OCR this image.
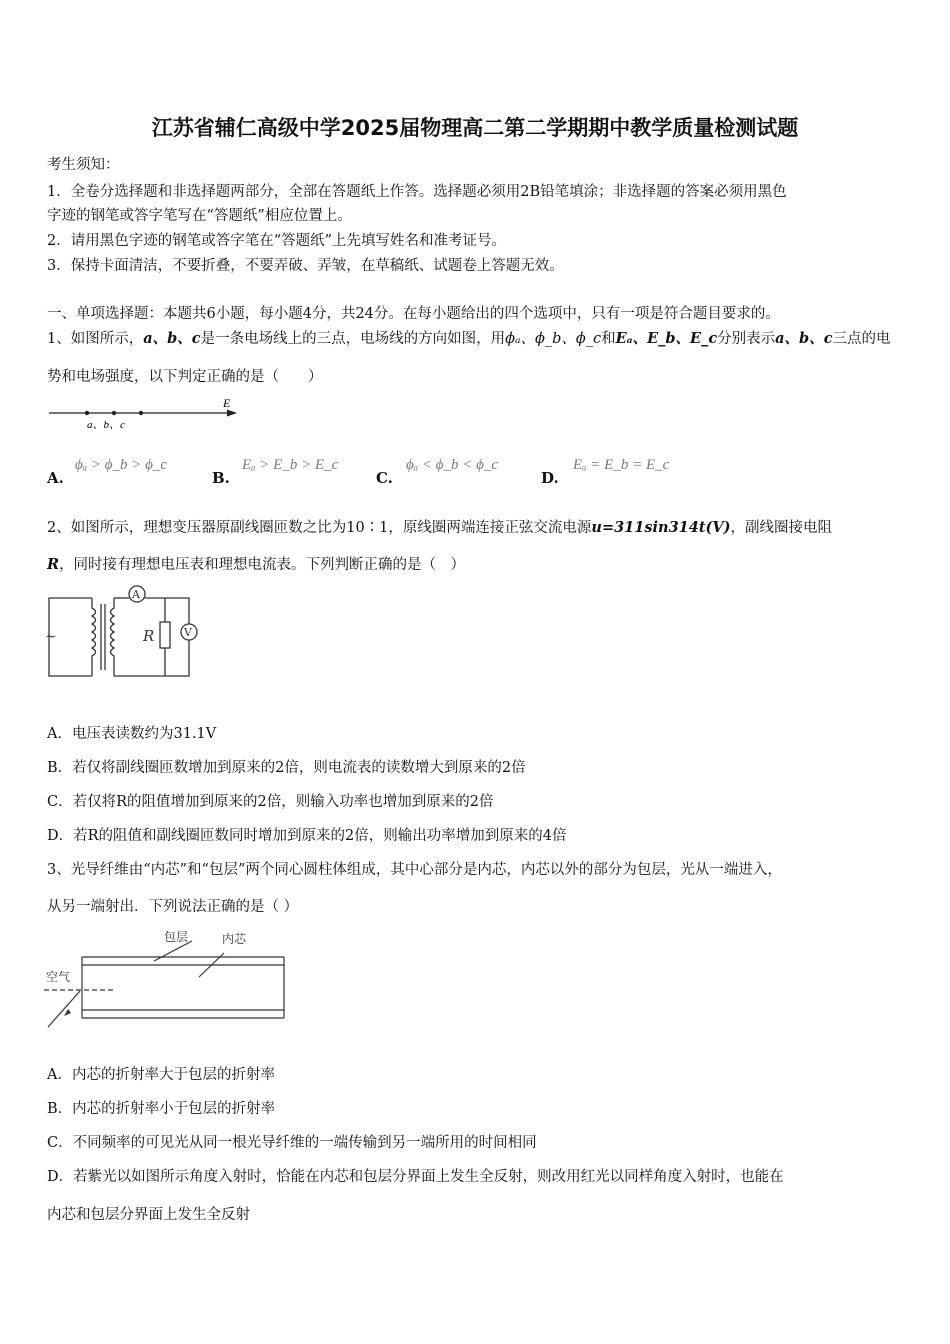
江苏省辅仁高级中学2025届物理高二第二学期期中教学质量检测试题
考生须知：
1．全卷分选择题和非选择题两部分，全部在答题纸上作答。选择题必须用2B铅笔填涂；非选择题的答案必须用黑色
字迹的钢笔或答字笔写在“答题纸”相应位置上。
2．请用黑色字迹的钢笔或答字笔在“答题纸”上先填写姓名和准考证号。
3．保持卡面清洁，不要折叠，不要弄破、弄皱，在草稿纸、试题卷上答题无效。
一、单项选择题：本题共6小题，每小题4分，共24分。在每小题给出的四个选项中，只有一项是符合题目要求的。
1、如图所示，a、b、c是一条电场线上的三点，电场线的方向如图，用ϕₐ、ϕ_b、ϕ_c和Eₐ、E_b、E_c分别表示a、b、c三点的电
势和电场强度，以下判定正确的是（　　）
E
a、b、c
A.
ϕₐ > ϕ_b > ϕ_c
B.
Eₐ > E_b > E_c
C.
ϕₐ < ϕ_b < ϕ_c
D.
Eₐ = E_b = E_c
2、如图所示，理想变压器原副线圈匝数之比为10∶1，原线圈两端连接正弦交流电源u=311sin314t(V)，副线圈接电阻
R，同时接有理想电压表和理想电流表。下列判断正确的是（　）
~
A
V
R
A．电压表读数约为31.1V
B．若仅将副线圈匝数增加到原来的2倍，则电流表的读数增大到原来的2倍
C．若仅将R的阻值增加到原来的2倍，则输入功率也增加到原来的2倍
D．若R的阻值和副线圈匝数同时增加到原来的2倍，则输出功率增加到原来的4倍
3、光导纤维由“内芯”和“包层”两个同心圆柱体组成，其中心部分是内芯，内芯以外的部分为包层，光从一端进入，
从另一端射出．下列说法正确的是（ ）
包层	内芯
空气
A．内芯的折射率大于包层的折射率
B．内芯的折射率小于包层的折射率
C．不同频率的可见光从同一根光导纤维的一端传输到另一端所用的时间相同
D．若紫光以如图所示角度入射时，恰能在内芯和包层分界面上发生全反射，则改用红光以同样角度入射时，也能在
内芯和包层分界面上发生全反射
